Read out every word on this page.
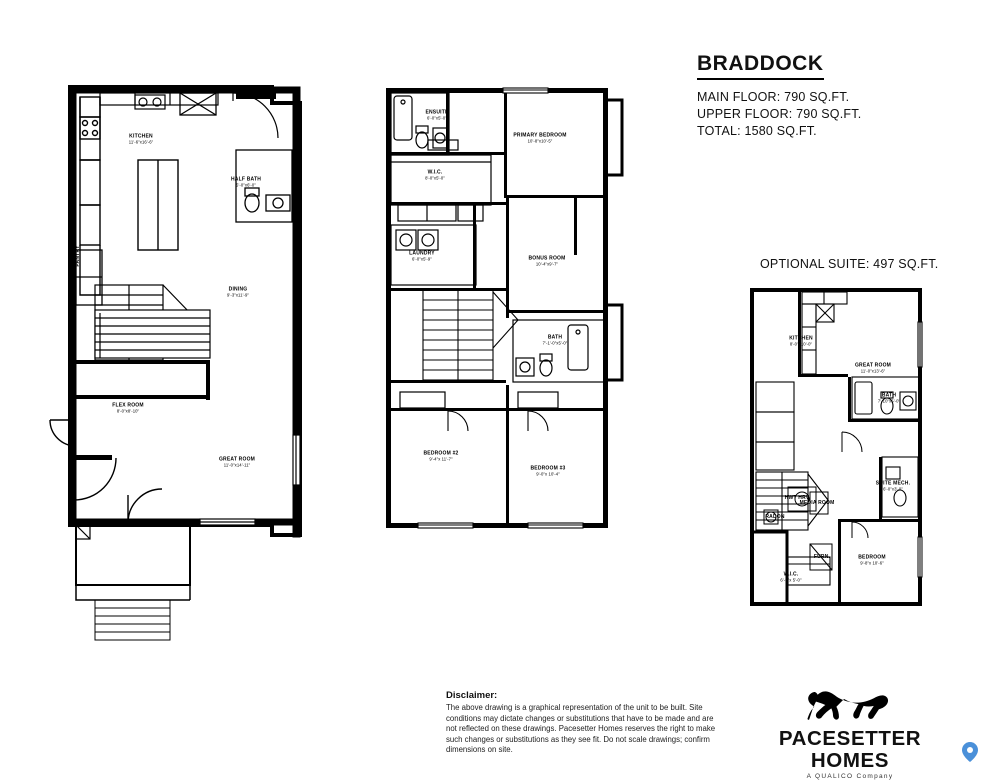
BRADDOCK
MAIN FLOOR: 790 SQ.FT.
UPPER FLOOR: 790 SQ.FT.
TOTAL: 1580 SQ.FT.
OPTIONAL SUITE: 497 SQ.FT.
KITCHEN
11'-6"x16'-6"
HALF BATH
5'-0"x6'-0"
PANTRY
DINING
9'-3"x11'-9"
FLEX ROOM
8'-0"x8'-10"
GREAT ROOM
11'-0"x14'-11"
ENSUITE
6'-0"x5'-0"
PRIMARY BEDROOM
10'-8"x10'-5"
W.I.C.
8'-0"x5'-0"
LAUNDRY
6'-0"x5'-9"	BONUS ROOM
10'-4"x9'-7"
BATH
7'-1'-0"x5'-0"
BEDROOM #2
9'-4"x 11'-7"
BEDROOM #3
9'-0"x 10'-4"
KITCHEN
8'-0"x10'-0"
GREAT ROOM
11'-0"x13'-6"
BATH
7'-10"x5'-0"
SUITE MECH.
6'-0"x3'-0"
HWT HRV
MEDIA ROOM
RADON
FURN.	BEDROOM
9'-8"x 10'-6"
W.I.C.
6'-0"x 5'-0"
Disclaimer:
The above drawing is a graphical representation of the unit to be built. Site conditions may dictate changes or substitutions that have to be made and are not reflected on these drawings. Pacesetter Homes reserves the right to make such changes or substitutions as they see fit. Do not scale drawings; confirm dimensions on site.	PACESETTER HOMES
A QUALICO Company
